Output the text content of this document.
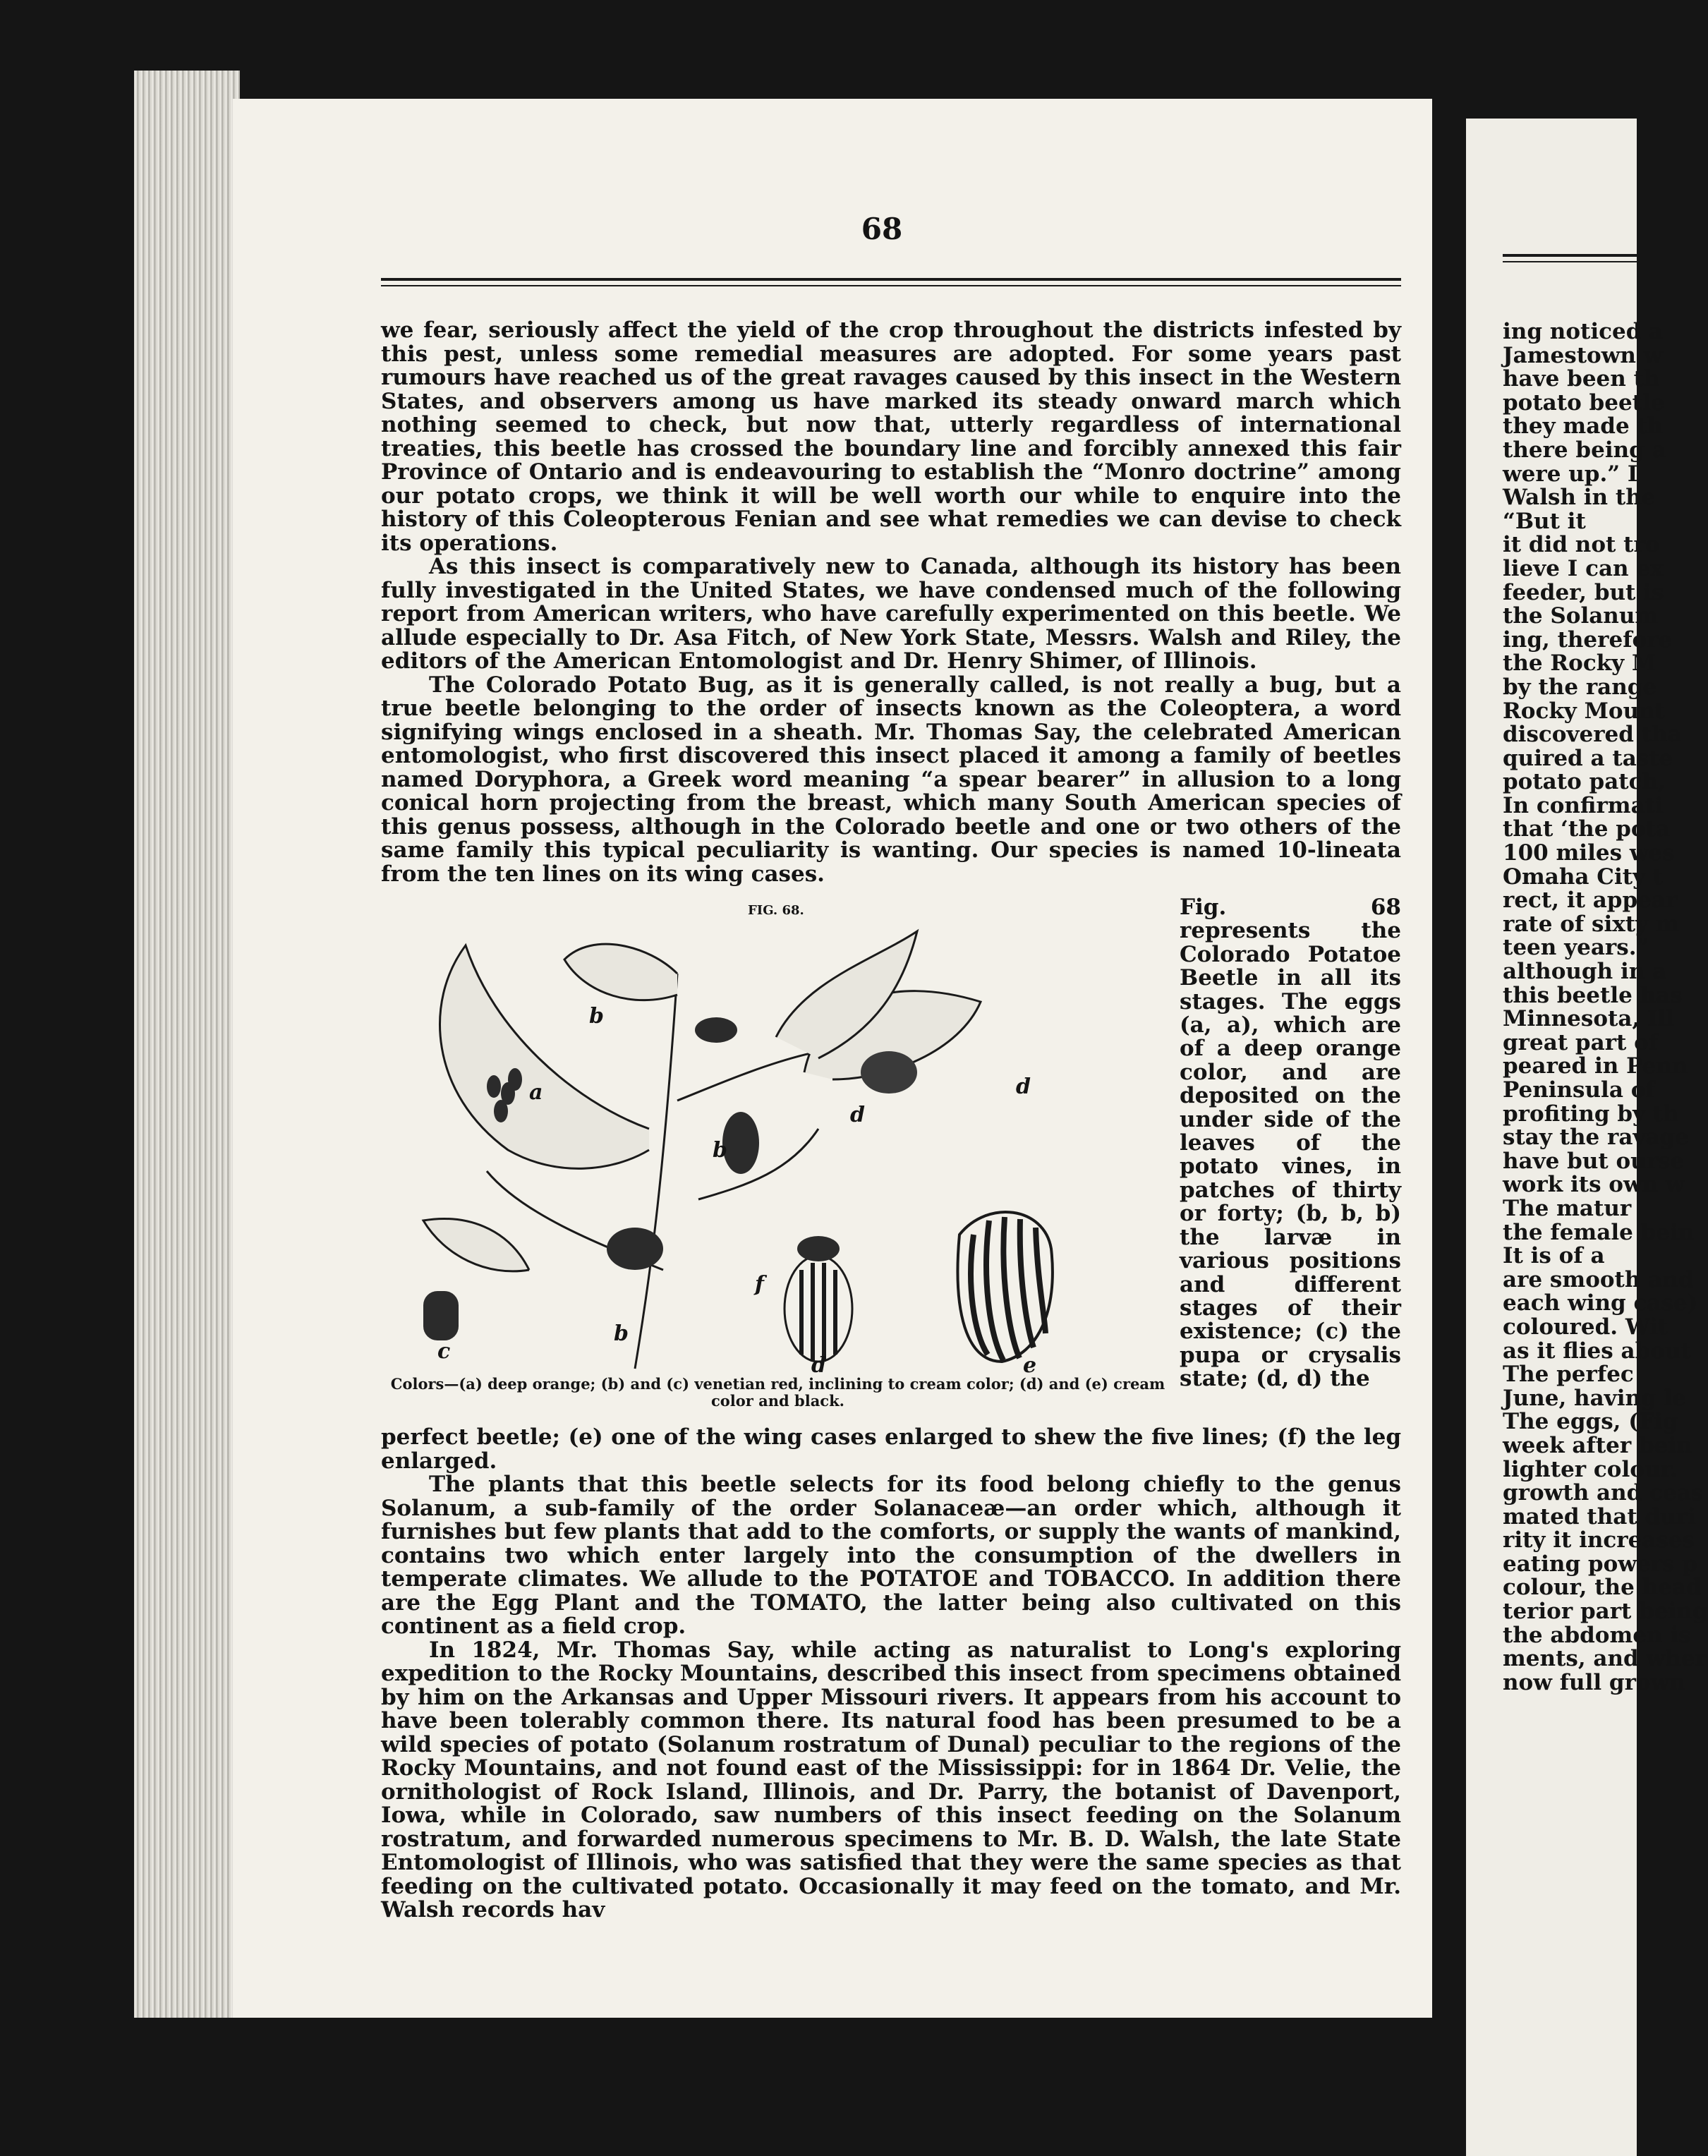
68

we fear, seriously affect the yield of the crop throughout the districts infested by this pest, unless some remedial measures are adopted. For some years past rumours have reached us of the great ravages caused by this insect in the Western States, and observers among us have marked its steady onward march which nothing seemed to check, but now that, utterly regardless of international treaties, this beetle has crossed the boundary line and forcibly annexed this fair Province of Ontario and is endeavouring to establish the “Monro doctrine” among our potato crops, we think it will be well worth our while to enquire into the history of this Coleopterous Fenian and see what remedies we can devise to check its operations.

As this insect is comparatively new to Canada, although its history has been fully investigated in the United States, we have condensed much of the following report from American writers, who have carefully experimented on this beetle. We allude especially to Dr. Asa Fitch, of New York State, Messrs. Walsh and Riley, the editors of the American Entomologist and Dr. Henry Shimer, of Illinois.

The Colorado Potato Bug, as it is generally called, is not really a bug, but a true beetle belonging to the order of insects known as the Coleoptera, a word signifying wings enclosed in a sheath. Mr. Thomas Say, the celebrated American entomologist, who first discovered this insect placed it among a family of beetles named Doryphora, a Greek word meaning “a spear bearer” in allusion to a long conical horn projecting from the breast, which many South American species of this genus possess, although in the Colorado beetle and one or two others of the same family this typical peculiarity is wanting. Our species is named 10-lineata from the ten lines on its wing cases.

FIG. 68.
a
b
b
b
c
d
d
d	e
f
Fig. 68 represents the Colorado Potatoe Beetle in all its stages. The eggs (a, a), which are of a deep orange color, and are deposited on the under side of the leaves of the potato vines, in patches of thirty or forty; (b, b, b) the larvæ in various positions and different stages of their existence; (c) the pupa or crysalis state; (d, d) the
Colors—(a) deep orange; (b) and (c) venetian red, inclining to cream color; (d) and (e) cream color and black.

perfect beetle; (e) one of the wing cases enlarged to shew the five lines; (f) the leg enlarged.

The plants that this beetle selects for its food belong chiefly to the genus Solanum, a sub-family of the order Solanaceæ—an order which, although it furnishes but few plants that add to the comforts, or supply the wants of mankind, contains two which enter largely into the consumption of the dwellers in temperate climates. We allude to the POTATOE and TOBACCO. In addition there are the Egg Plant and the TOMATO, the latter being also cultivated on this continent as a field crop.

In 1824, Mr. Thomas Say, while acting as naturalist to Long's exploring expedition to the Rocky Mountains, described this insect from specimens obtained by him on the Arkansas and Upper Missouri rivers. It appears from his account to have been tolerably common there. Its natural food has been presumed to be a wild species of potato (Solanum rostratum of Dunal) peculiar to the regions of the Rocky Mountains, and not found east of the Mississippi: for in 1864 Dr. Velie, the ornithologist of Rock Island, Illinois, and Dr. Parry, the botanist of Davenport, Iowa, while in Colorado, saw numbers of this insect feeding on the Solanum rostratum, and forwarded numerous specimens to Mr. B. D. Walsh, the late State Entomologist of Illinois, who was satisfied that they were the same species as that feeding on the cultivated potato. Occasionally it may feed on the tomato, and Mr. Walsh records hav

ing noticed a
Jamestown w
have been th
potato beetle
they made th
there being a
were up.” I
Walsh in the
“But it
it did not tro
lieve I can ex
feeder, but is
the Solanum
ing, therefore
the Rocky M
by the range
Rocky Mount
discovered tha
quired a taste
potato patch,
In confirmati
that ‘the pota
100 miles wes
Omaha City t
rect, it appear
rate of sixty m
teen years.”
although in a
this beetle has
Minnesota, Ill
great part of
peared in Penn
Peninsula of
profiting by th
stay the ravage
have but ourse
work its own w
The matur
the female bein
It is of a
are smooth and
each wing case)
coloured. Wit
as it flies about
The perfec
June, having le
The eggs, (Fig
week after bein
lighter colour.
growth and ceas
mated that duri
rity it increases
eating powers p
colour, the head
terior part being
the abdomen is
ments, and wher
now full grown
